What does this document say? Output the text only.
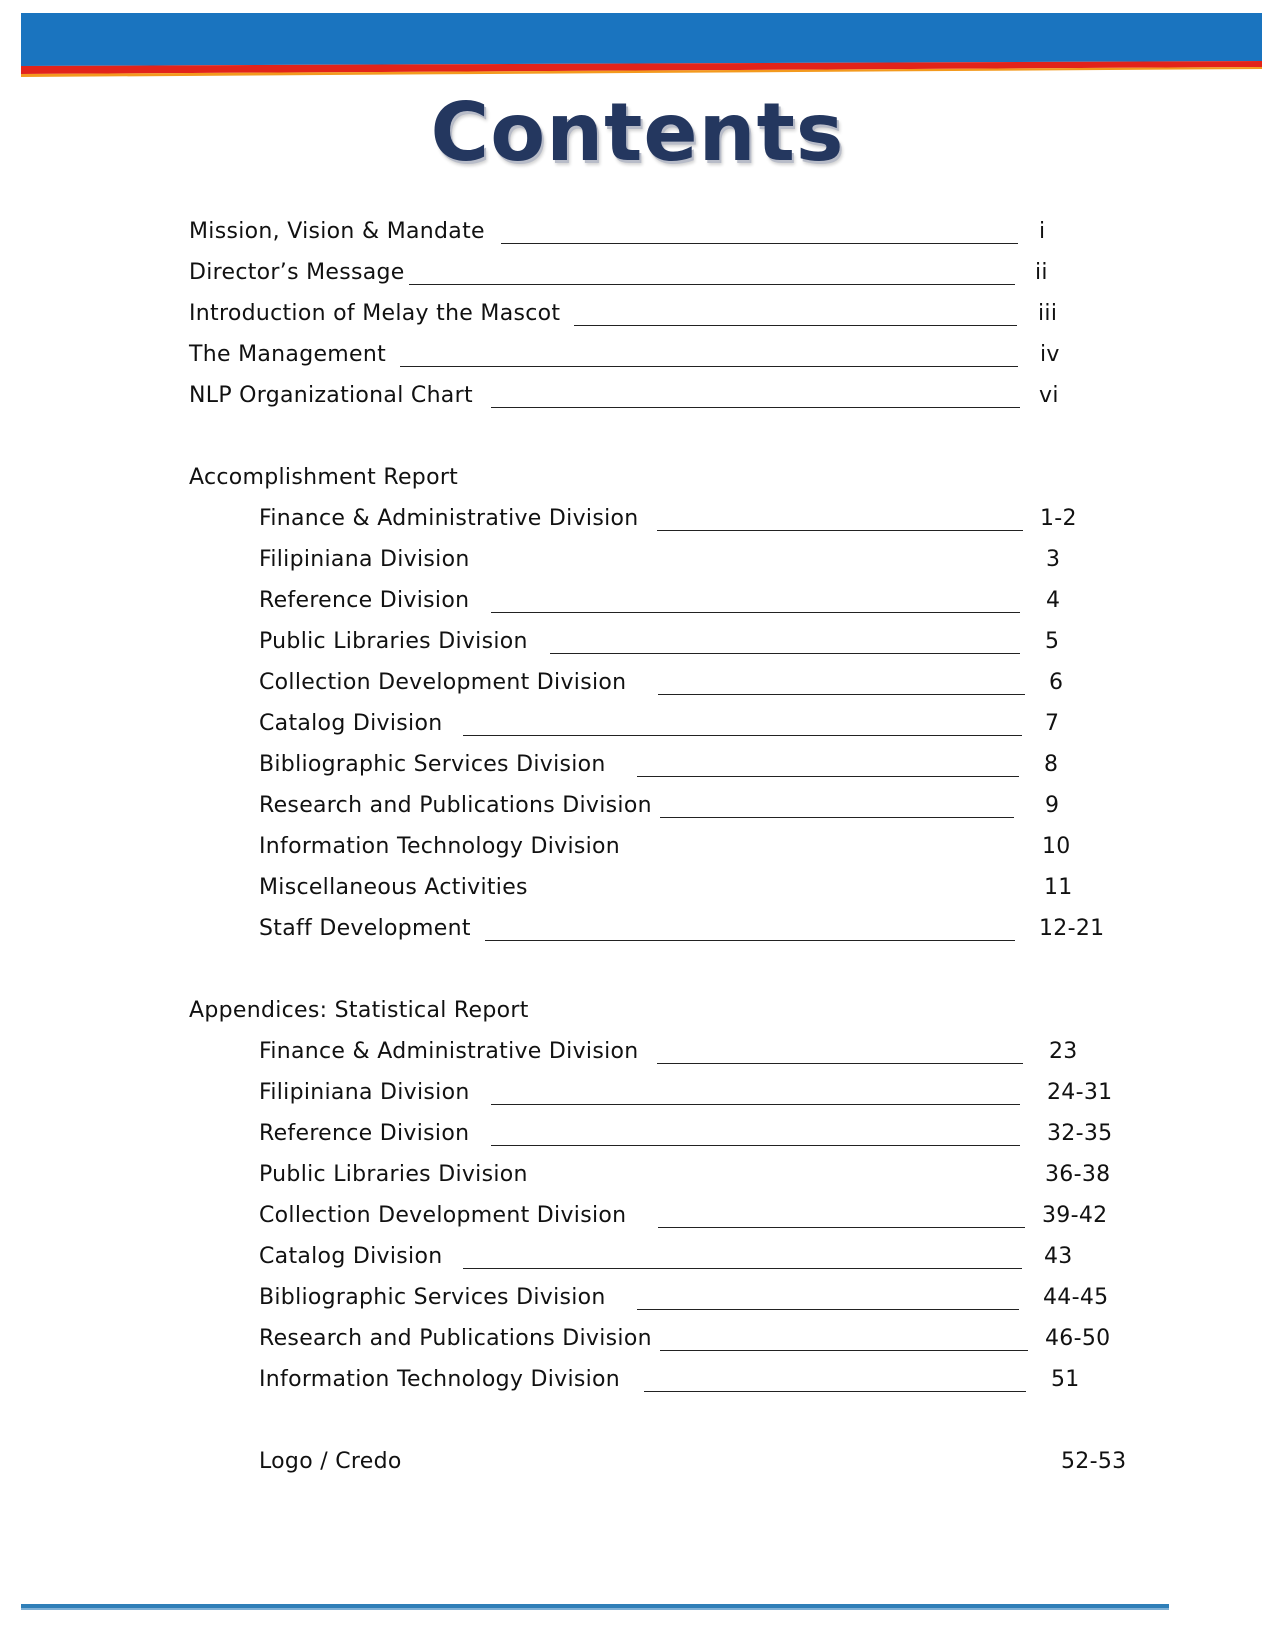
Contents
Mission, Vision & Mandate	i
Director’s Message	ii
Introduction of Melay the Mascot	iii
The Management	iv
NLP Organizational Chart	vi
Accomplishment Report
Finance & Administrative Division	1-2
Filipiniana Division	3
Reference Division	4
Public Libraries Division	5
Collection Development Division	6
Catalog Division	7
Bibliographic Services Division	8
Research and Publications Division	9
Information Technology Division	10
Miscellaneous Activities	11
Staff Development	12-21
Appendices: Statistical Report
Finance & Administrative Division	23
Filipiniana Division	24-31
Reference Division	32-35
Public Libraries Division	36-38
Collection Development Division	39-42
Catalog Division	43
Bibliographic Services Division	44-45
Research and Publications Division	46-50
Information Technology Division	51
Logo / Credo	52-53
